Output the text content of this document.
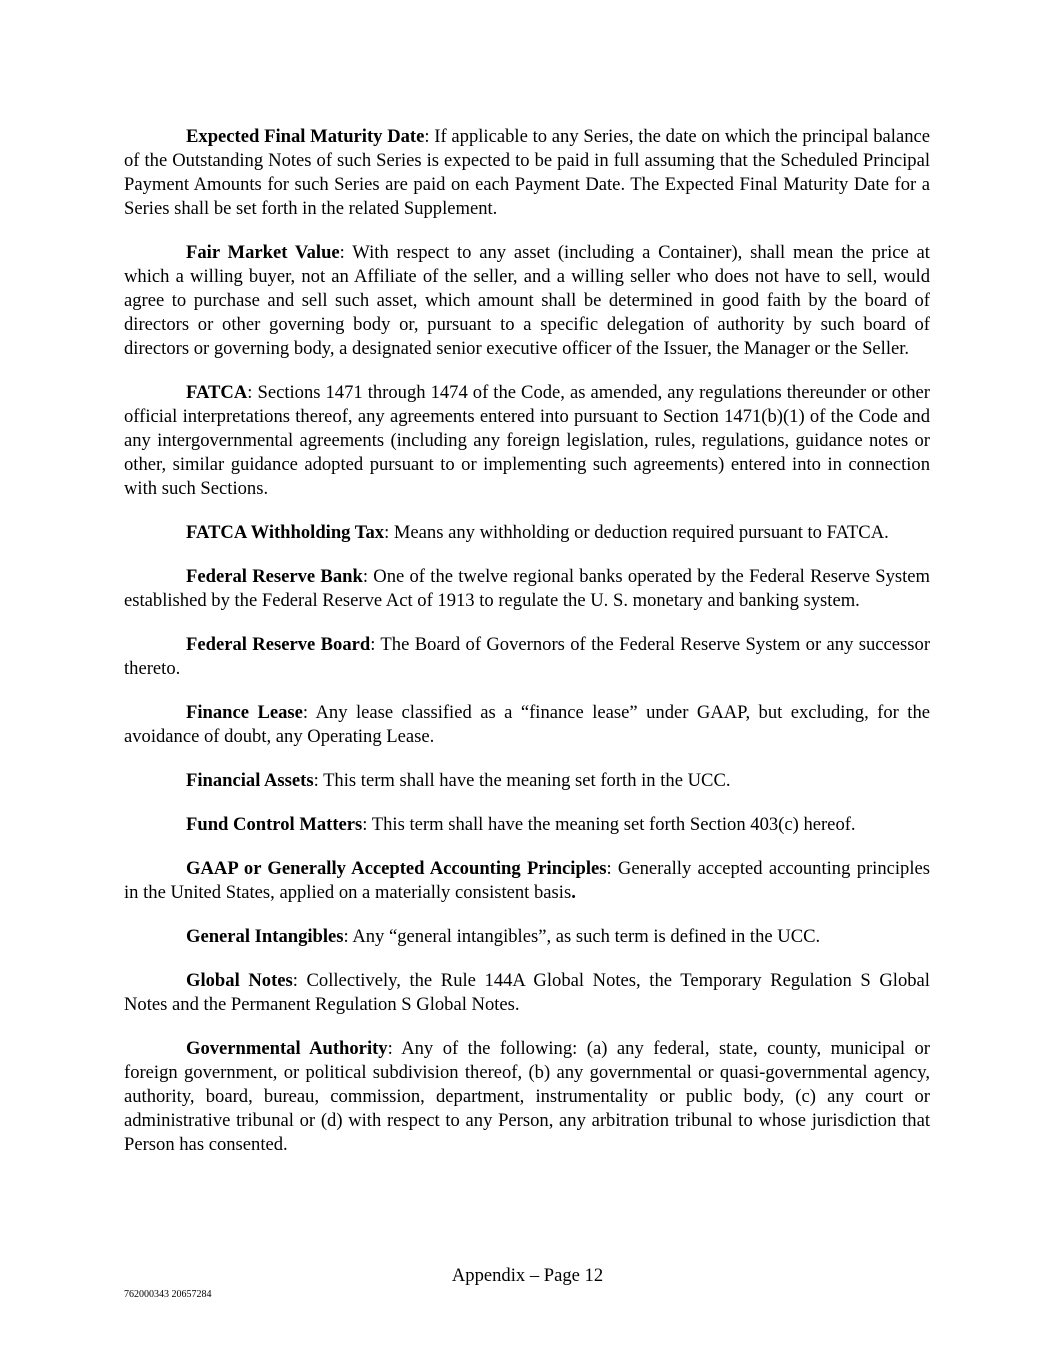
Expected Final Maturity Date: If applicable to any Series, the date on which the principal balance of the Outstanding Notes of such Series is expected to be paid in full assuming that the Scheduled Principal Payment Amounts for such Series are paid on each Payment Date. The Expected Final Maturity Date for a Series shall be set forth in the related Supplement.

Fair Market Value: With respect to any asset (including a Container), shall mean the price at which a willing buyer, not an Affiliate of the seller, and a willing seller who does not have to sell, would agree to purchase and sell such asset, which amount shall be determined in good faith by the board of directors or other governing body or, pursuant to a specific delegation of authority by such board of directors or governing body, a designated senior executive officer of the Issuer, the Manager or the Seller.

FATCA: Sections 1471 through 1474 of the Code, as amended, any regulations thereunder or other official interpretations thereof, any agreements entered into pursuant to Section 1471(b)(1) of the Code and any intergovernmental agreements (including any foreign legislation, rules, regulations, guidance notes or other, similar guidance adopted pursuant to or implementing such agreements) entered into in connection with such Sections.

FATCA Withholding Tax: Means any withholding or deduction required pursuant to FATCA.

Federal Reserve Bank: One of the twelve regional banks operated by the Federal Reserve System established by the Federal Reserve Act of 1913 to regulate the U. S. monetary and banking system.

Federal Reserve Board: The Board of Governors of the Federal Reserve System or any successor thereto.

Finance Lease: Any lease classified as a “finance lease” under GAAP, but excluding, for the avoidance of doubt, any Operating Lease.

Financial Assets: This term shall have the meaning set forth in the UCC.

Fund Control Matters: This term shall have the meaning set forth Section 403(c) hereof.

GAAP or Generally Accepted Accounting Principles: Generally accepted accounting principles in the United States, applied on a materially consistent basis.

General Intangibles: Any “general intangibles”, as such term is defined in the UCC.

Global Notes: Collectively, the Rule 144A Global Notes, the Temporary Regulation S Global Notes and the Permanent Regulation S Global Notes.

Governmental Authority: Any of the following: (a) any federal, state, county, municipal or foreign government, or political subdivision thereof, (b) any governmental or quasi-governmental agency, authority, board, bureau, commission, department, instrumentality or public body, (c) any court or administrative tribunal or (d) with respect to any Person, any arbitration tribunal to whose jurisdiction that Person has consented.

Appendix – Page 12
762000343 20657284
